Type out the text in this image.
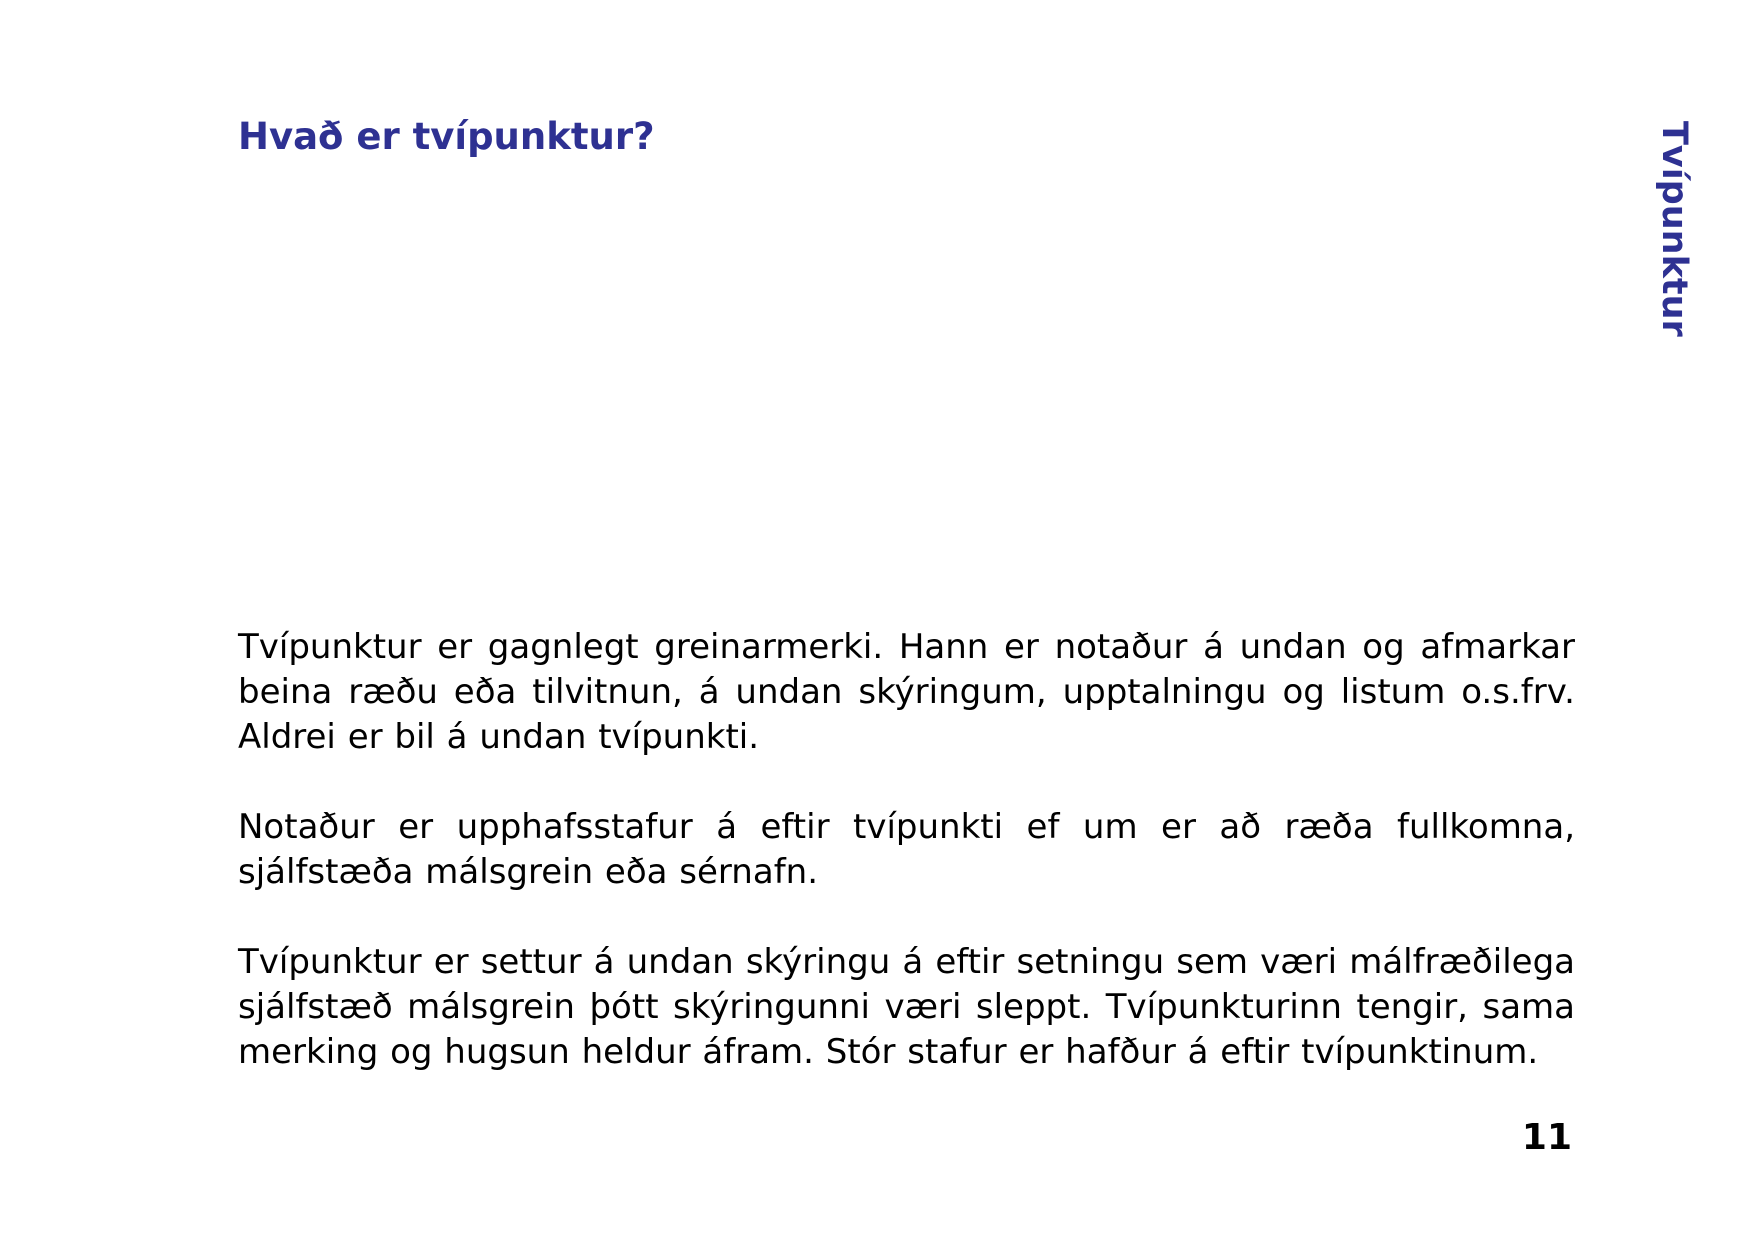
Hvað er tvípunktur?	Tvípunktur

Tvípunktur er gagnlegt greinarmerki. Hann er notaður á undan og afmarkar beina ræðu eða tilvitnun, á undan skýringum, upptalningu og listum o.s.frv. Aldrei er bil á undan tvípunkti.

Notaður er upphafsstafur á eftir tvípunkti ef um er að ræða fullkomna, sjálfstæða málsgrein eða sérnafn.

Tvípunktur er settur á undan skýringu á eftir setningu sem væri málfræðilega sjálfstæð málsgrein þótt skýringunni væri sleppt. Tvípunkturinn tengir, sama merking og hugsun heldur áfram. Stór stafur er hafður á eftir tvípunktinum.

11
